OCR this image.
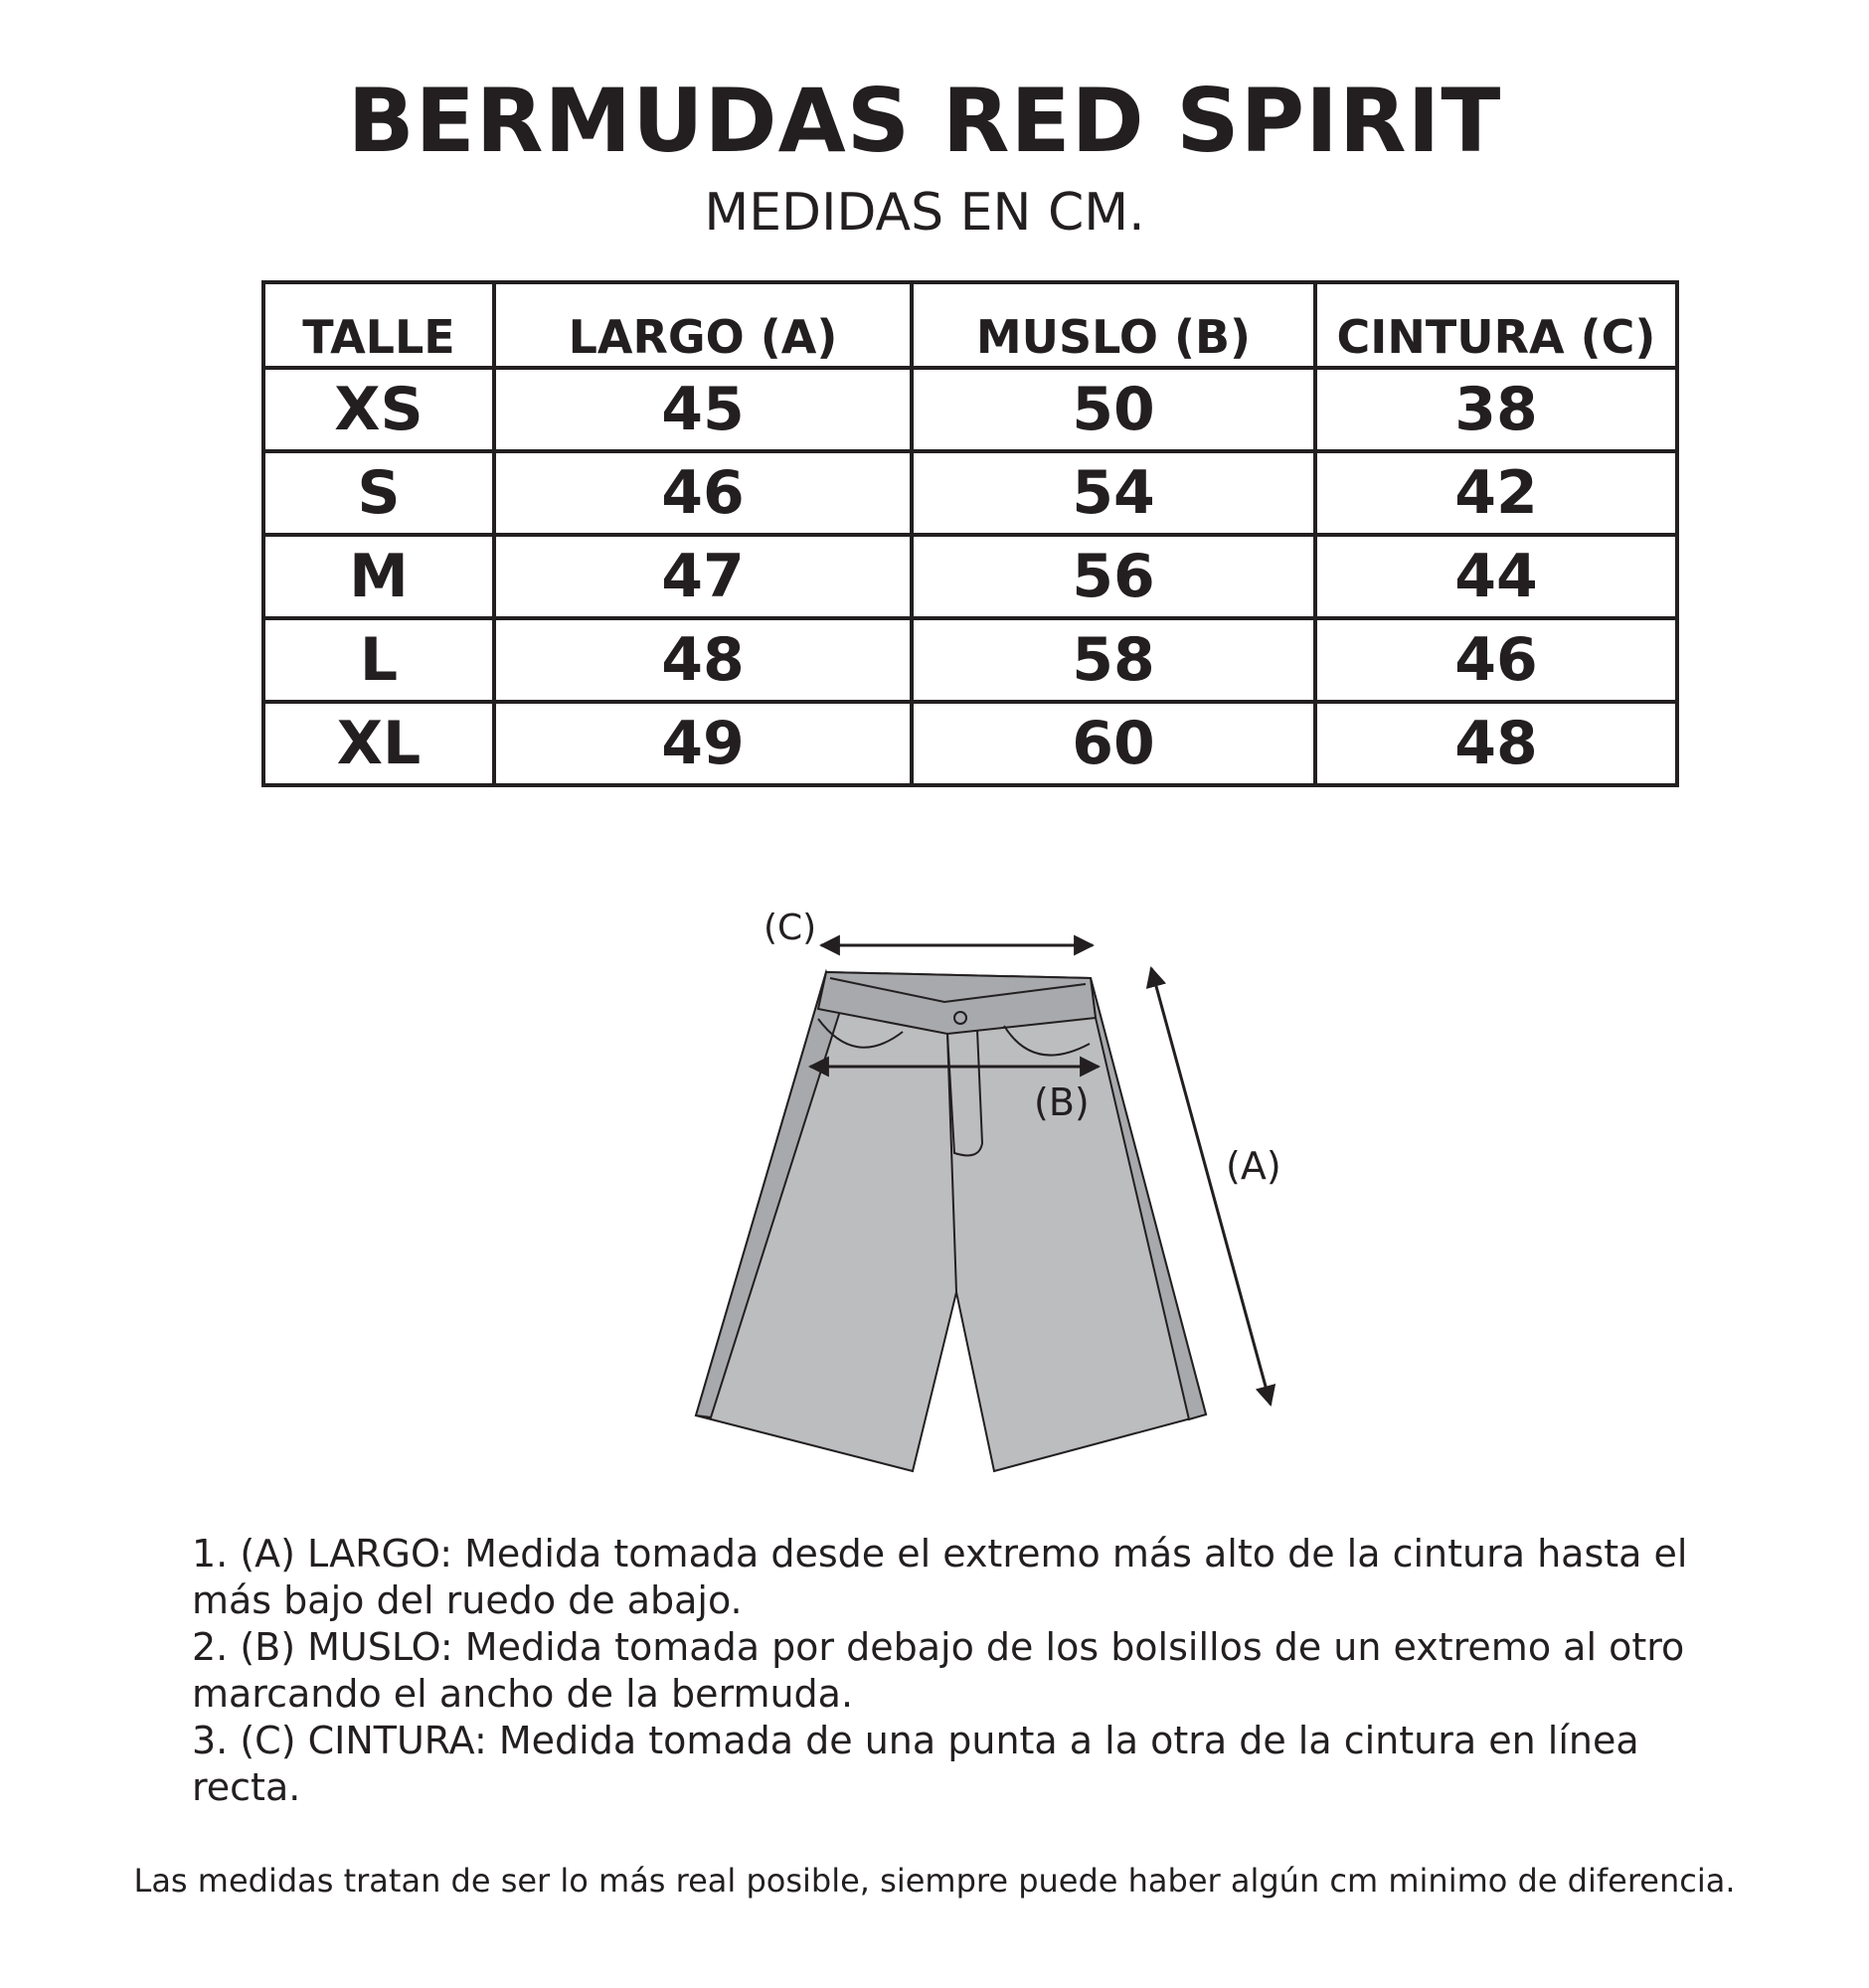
BERMUDAS RED SPIRIT
MEDIDAS EN CM.
TALLE	LARGO (A)	MUSLO (B)	CINTURA (C)
XS	45	50	38
S	46	54	42
M	47	56	44
L	48	58	46
XL	49	60	48
(C)
(B)
(A)

1. (A) LARGO: Medida tomada desde el extremo más alto de la cintura hasta el más bajo del ruedo de abajo.

2. (B) MUSLO: Medida tomada por debajo de los bolsillos de un extremo al otro marcando el ancho de la bermuda.

3. (C) CINTURA: Medida tomada de una punta a la otra de la cintura en línea recta.

Las medidas tratan de ser lo más real posible, siempre puede haber algún cm minimo de diferencia.
